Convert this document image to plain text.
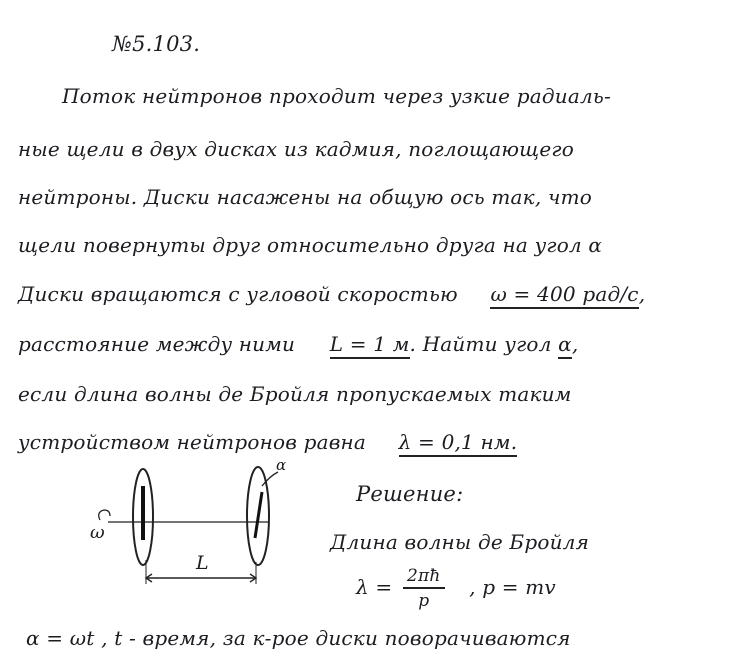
№5.103.
Поток нейтронов проходит через узкие радиаль-
ные щели в двух дисках из кадмия, поглощающего
нейтроны. Диски насажены на общую ось так, что
щели повернуты друг относительно друга на угол α
Диски вращаются с угловой скоростью ω = 400 рад/с,
расстояние между ними L = 1 м. Найти угол α,
если длина волны де Бройля пропускаемых таким
устройством нейтронов равна λ = 0,1 нм.
ω
α
L
Решение:
Длина волны де Бройля
$\lambda = \frac{2\pi ħ}{p}$ , p = mv
α = ωt , t - время, за к-рое диски поворачиваются
